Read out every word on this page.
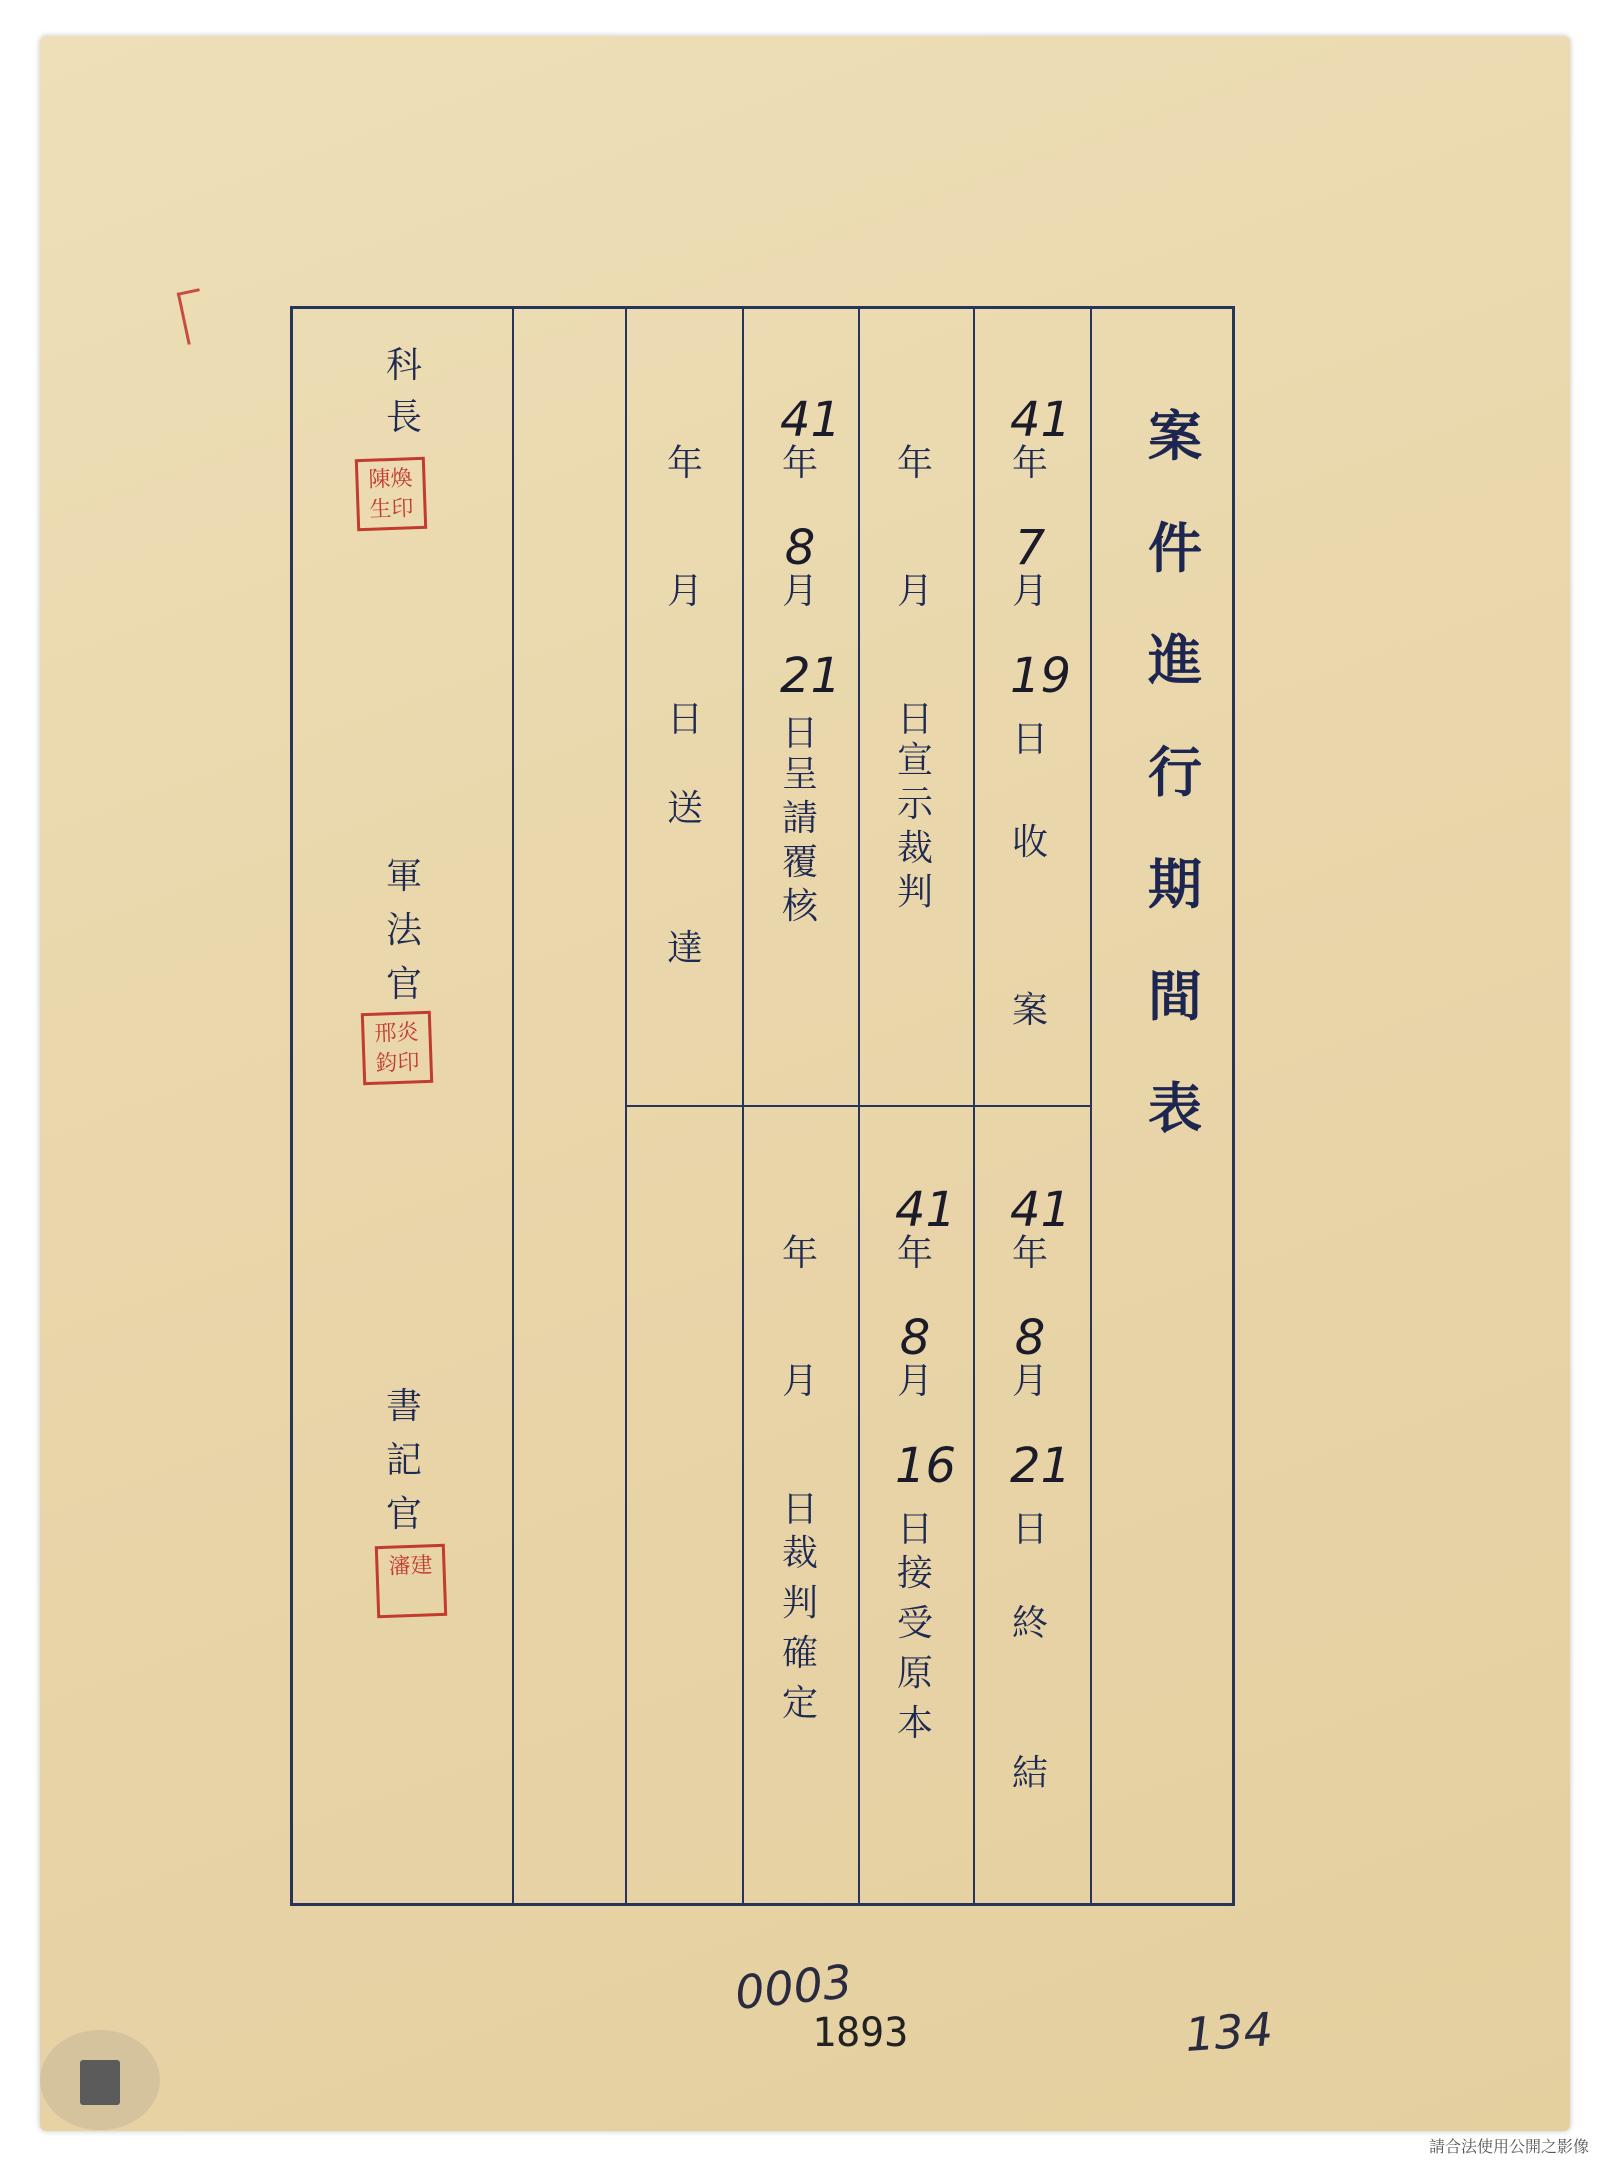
案件進行期間表
科長
陳煥生印
軍法官
邢炎鈞印
書記官
瀋建
41
年
7
月
19
日
收案
年
月
日
宣示裁判
41
年
8
月
21
日
呈請覆核
年
月
日
送達
41
年
8
月
21
日
終結
41
年
8
月
16
日
接受原本
年
月
日
裁判確定
0003
1893	134
請合法使用公開之影像
